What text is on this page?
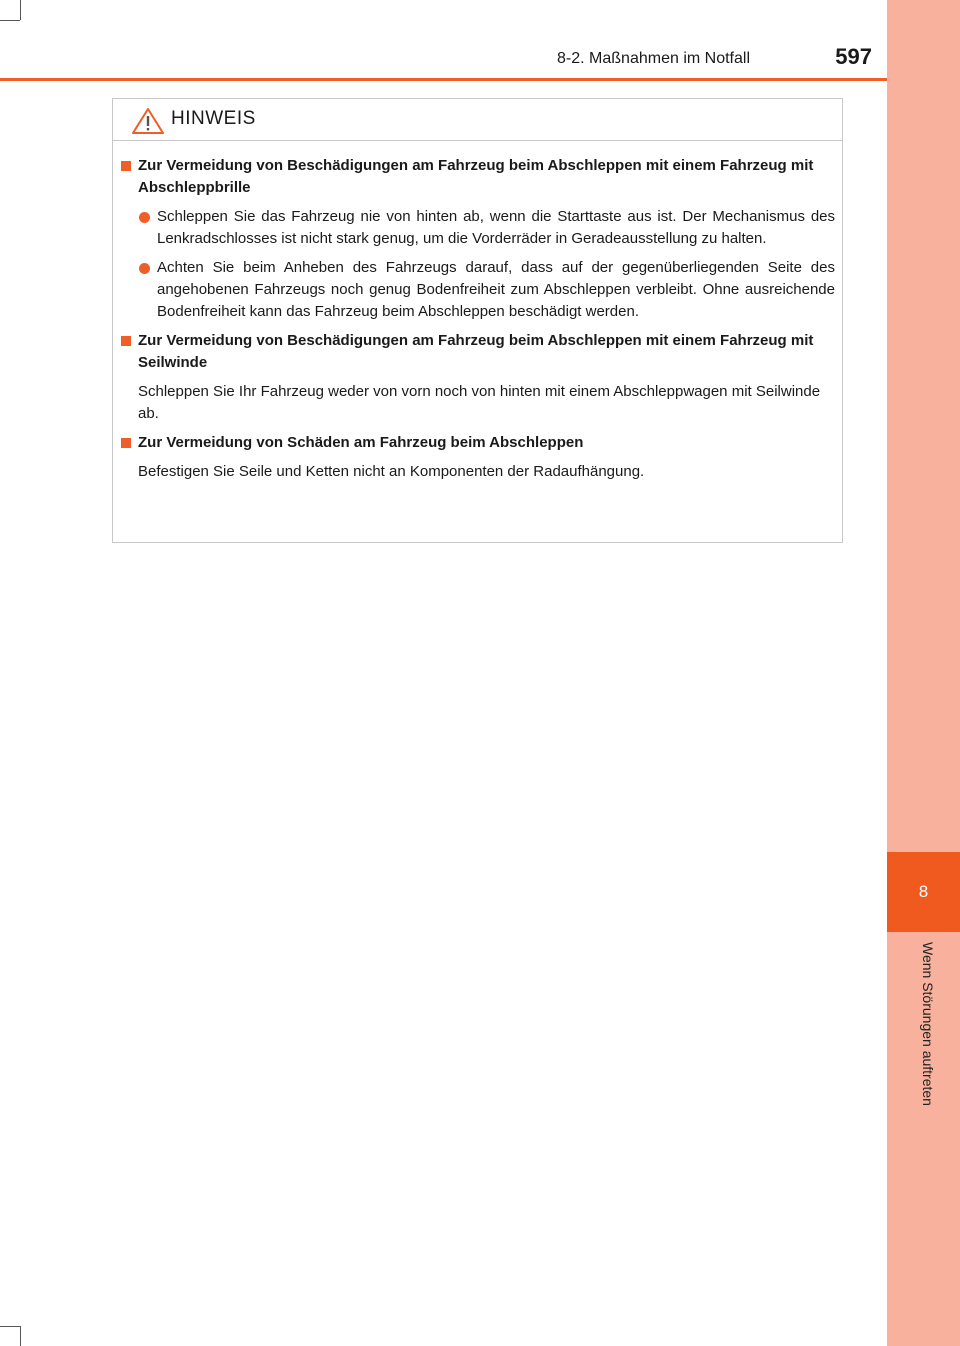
8
Wenn Störungen auftreten
8-2. Maßnahmen im Notfall	597
HINWEIS
Zur Vermeidung von Beschädigungen am Fahrzeug beim Abschleppen mit einem Fahrzeug mit Abschleppbrille
Schleppen Sie das Fahrzeug nie von hinten ab, wenn die Starttaste aus ist. Der Mechanismus des Lenkradschlosses ist nicht stark genug, um die Vorderräder in Geradeausstellung zu halten.
Achten Sie beim Anheben des Fahrzeugs darauf, dass auf der gegenüberliegenden Seite des angehobenen Fahrzeugs noch genug Bodenfreiheit zum Abschleppen verbleibt. Ohne ausreichende Bodenfreiheit kann das Fahrzeug beim Abschleppen beschädigt werden.
Zur Vermeidung von Beschädigungen am Fahrzeug beim Abschleppen mit einem Fahrzeug mit Seilwinde
Schleppen Sie Ihr Fahrzeug weder von vorn noch von hinten mit einem Abschleppwagen mit Seilwinde ab.
Zur Vermeidung von Schäden am Fahrzeug beim Abschleppen
Befestigen Sie Seile und Ketten nicht an Komponenten der Radaufhängung.
